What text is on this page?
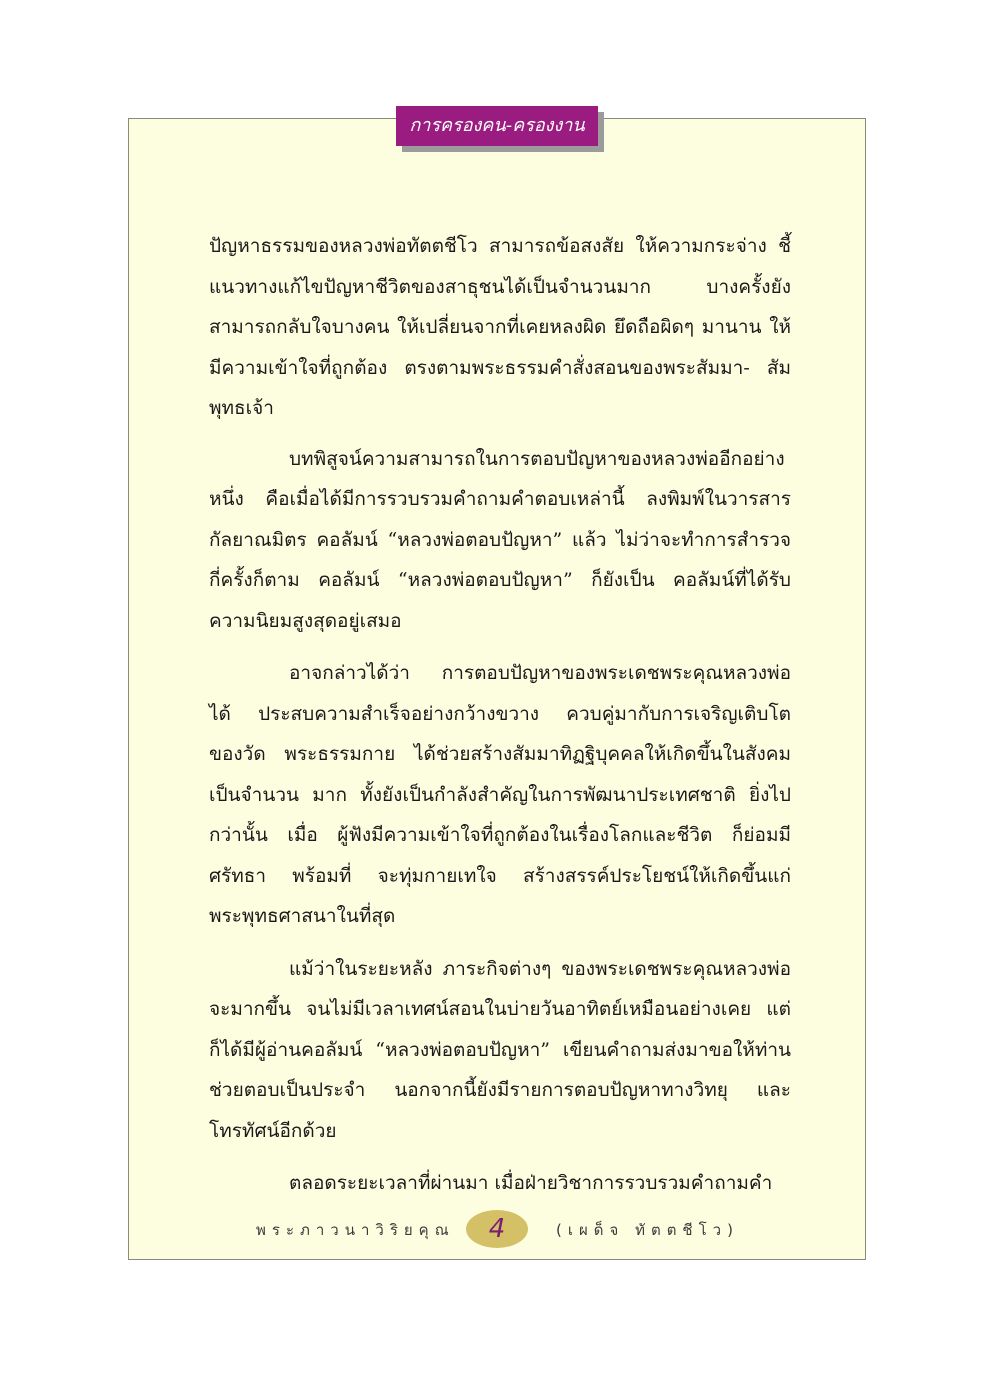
การครองคน-ครองงาน

ปัญหาธรรมของหลวงพ่อทัตตชีโว สามารถข้อสงสัย ให้ความกระจ่าง ชี้แนวทางแก้ไขปัญหาชีวิตของสาธุชนได้เป็นจำนวนมาก บางครั้งยัง สามารถกลับใจบางคน ให้เปลี่ยนจากที่เคยหลงผิด ยึดถือผิดๆ มานาน ให้ มีความเข้าใจที่ถูกต้อง ตรงตามพระธรรมคำสั่งสอนของพระสัมมา- สัมพุทธเจ้า

บทพิสูจน์ความสามารถในการตอบปัญหาของหลวงพ่ออีกอย่าง หนึ่ง คือเมื่อได้มีการรวบรวมคำถามคำตอบเหล่านี้ ลงพิมพ์ในวารสาร กัลยาณมิตร คอลัมน์ “หลวงพ่อตอบปัญหา” แล้ว ไม่ว่าจะทำการสำรวจ กี่ครั้งก็ตาม คอลัมน์ “หลวงพ่อตอบปัญหา” ก็ยังเป็น คอลัมน์ที่ได้รับ ความนิยมสูงสุดอยู่เสมอ

อาจกล่าวได้ว่า การตอบปัญหาของพระเดชพระคุณหลวงพ่อ ได้ ประสบความสำเร็จอย่างกว้างขวาง ควบคู่มากับการเจริญเติบโตของวัด พระธรรมกาย ได้ช่วยสร้างสัมมาทิฏฐิบุคคลให้เกิดขึ้นในสังคมเป็นจำนวน มาก ทั้งยังเป็นกำลังสำคัญในการพัฒนาประเทศชาติ ยิ่งไปกว่านั้น เมื่อ ผู้ฟังมีความเข้าใจที่ถูกต้องในเรื่องโลกและชีวิต ก็ย่อมมีศรัทธา พร้อมที่ จะทุ่มกายเทใจ สร้างสรรค์ประโยชน์ให้เกิดขึ้นแก่พระพุทธศาสนาในที่สุด

แม้ว่าในระยะหลัง ภาระกิจต่างๆ ของพระเดชพระคุณหลวงพ่อ จะมากขึ้น จนไม่มีเวลาเทศน์สอนในบ่ายวันอาทิตย์เหมือนอย่างเคย แต่ ก็ได้มีผู้อ่านคอลัมน์ “หลวงพ่อตอบปัญหา” เขียนคำถามส่งมาขอให้ท่าน ช่วยตอบเป็นประจำ นอกจากนี้ยังมีรายการตอบปัญหาทางวิทยุ และ โทรทัศน์อีกด้วย

ตลอดระยะเวลาที่ผ่านมา เมื่อฝ่ายวิชาการรวบรวมคำถามคำ

พระภาวนาวิริยคุณ	4	(เผด็จ ทัตตชีโว)
